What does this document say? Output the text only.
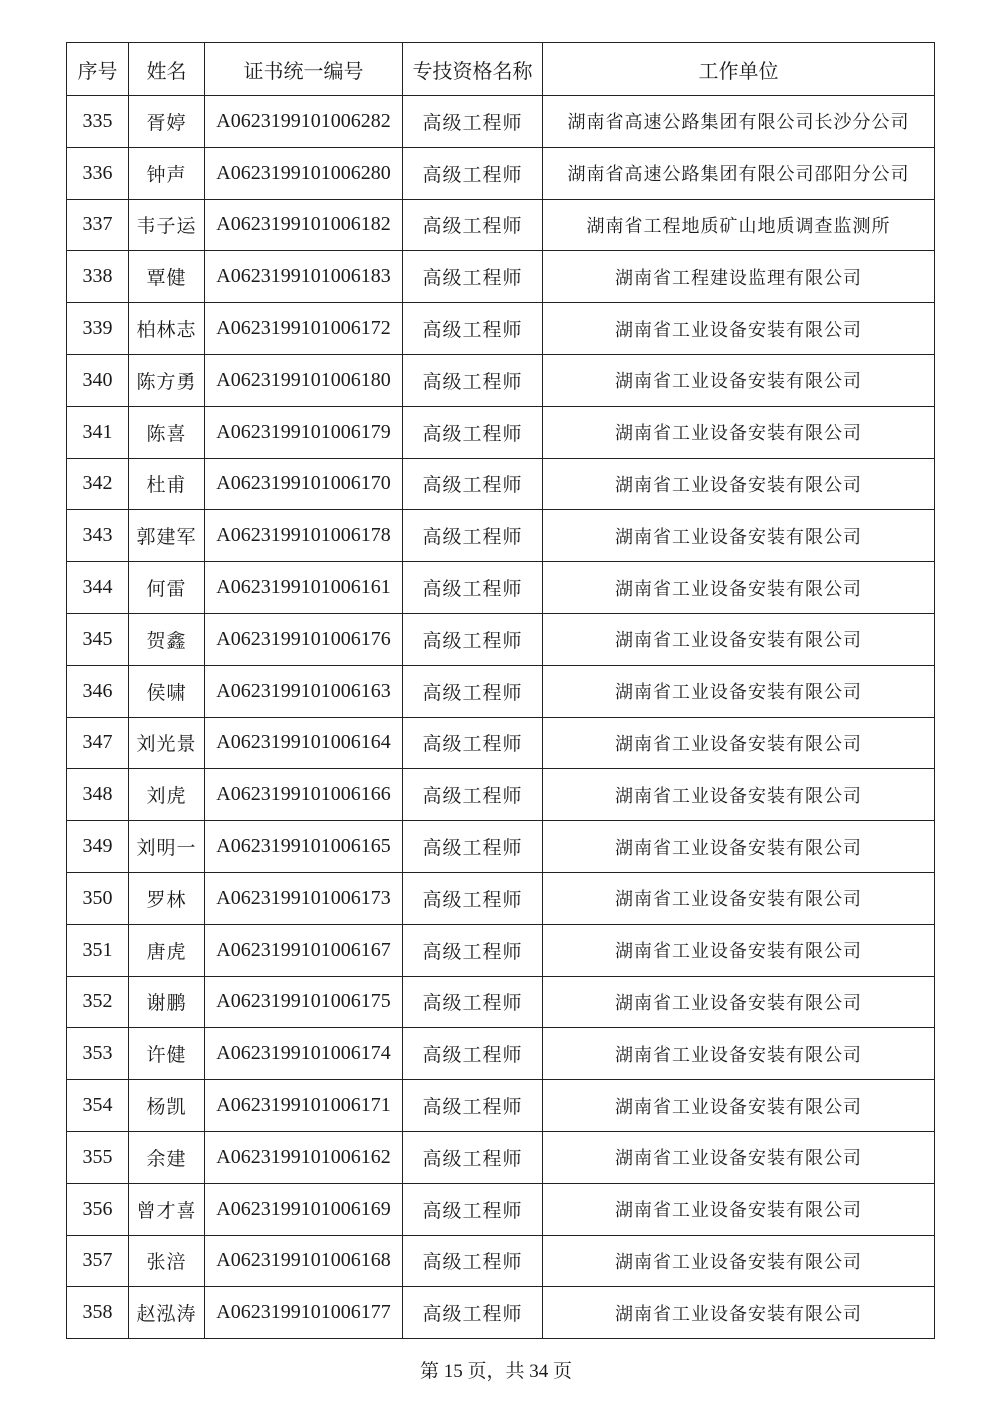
序号	姓名	证书统一编号	专技资格名称	工作单位
335	胥婷	A0623199101006282	高级工程师	湖南省高速公路集团有限公司长沙分公司
336	钟声	A0623199101006280	高级工程师	湖南省高速公路集团有限公司邵阳分公司
337	韦子运	A0623199101006182	高级工程师	湖南省工程地质矿山地质调查监测所
338	覃健	A0623199101006183	高级工程师	湖南省工程建设监理有限公司
339	柏林志	A0623199101006172	高级工程师	湖南省工业设备安装有限公司
340	陈方勇	A0623199101006180	高级工程师	湖南省工业设备安装有限公司
341	陈喜	A0623199101006179	高级工程师	湖南省工业设备安装有限公司
342	杜甫	A0623199101006170	高级工程师	湖南省工业设备安装有限公司
343	郭建军	A0623199101006178	高级工程师	湖南省工业设备安装有限公司
344	何雷	A0623199101006161	高级工程师	湖南省工业设备安装有限公司
345	贺鑫	A0623199101006176	高级工程师	湖南省工业设备安装有限公司
346	侯啸	A0623199101006163	高级工程师	湖南省工业设备安装有限公司
347	刘光景	A0623199101006164	高级工程师	湖南省工业设备安装有限公司
348	刘虎	A0623199101006166	高级工程师	湖南省工业设备安装有限公司
349	刘明一	A0623199101006165	高级工程师	湖南省工业设备安装有限公司
350	罗林	A0623199101006173	高级工程师	湖南省工业设备安装有限公司
351	唐虎	A0623199101006167	高级工程师	湖南省工业设备安装有限公司
352	谢鹏	A0623199101006175	高级工程师	湖南省工业设备安装有限公司
353	许健	A0623199101006174	高级工程师	湖南省工业设备安装有限公司
354	杨凯	A0623199101006171	高级工程师	湖南省工业设备安装有限公司
355	余建	A0623199101006162	高级工程师	湖南省工业设备安装有限公司
356	曾才喜	A0623199101006169	高级工程师	湖南省工业设备安装有限公司
357	张涪	A0623199101006168	高级工程师	湖南省工业设备安装有限公司
358	赵泓涛	A0623199101006177	高级工程师	湖南省工业设备安装有限公司
第 15 页，共 34 页
